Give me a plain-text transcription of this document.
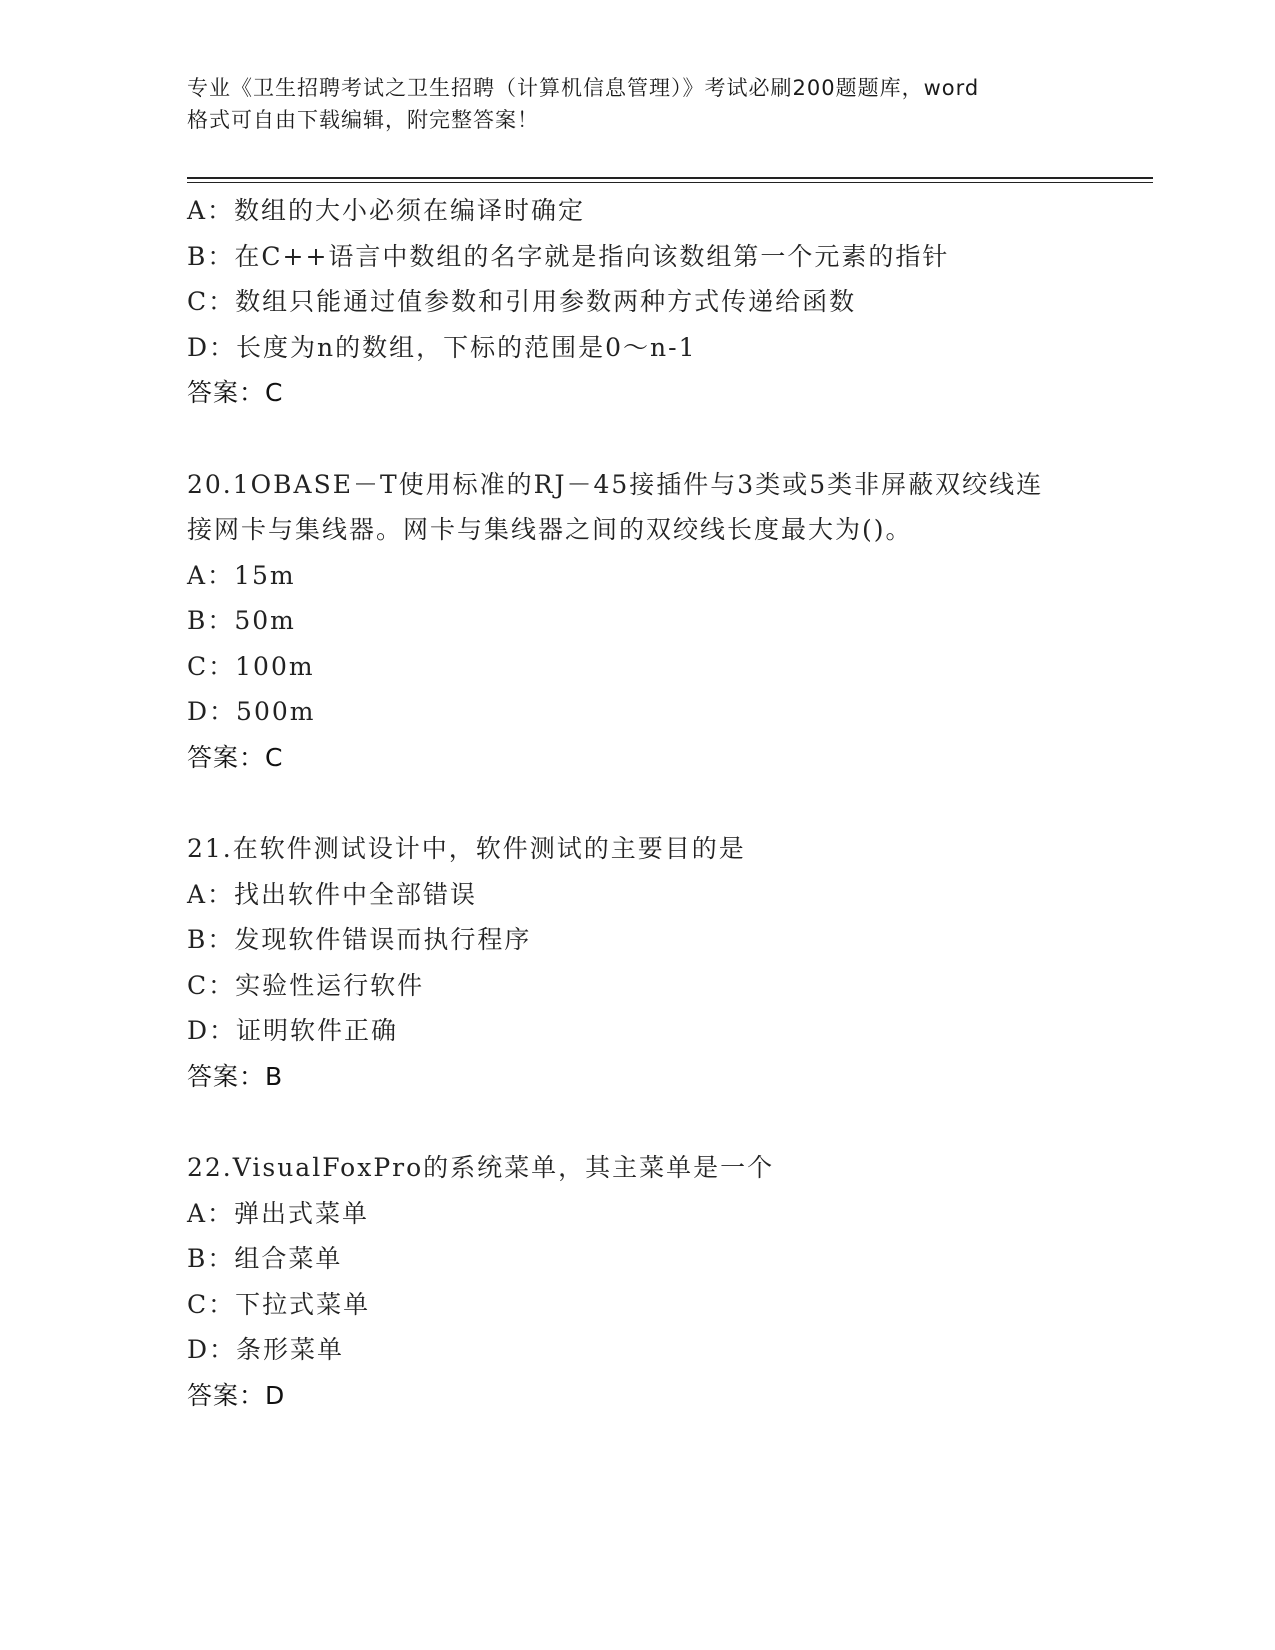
专业《卫生招聘考试之卫生招聘（计算机信息管理）》考试必刷200题题库，word
格式可自由下载编辑，附完整答案！
A：数组的大小必须在编译时确定
B：在C++语言中数组的名字就是指向该数组第一个元素的指针
C：数组只能通过值参数和引用参数两种方式传递给函数
D：长度为n的数组，下标的范围是0～n-1
答案：C
20.1OBASE－T使用标准的RJ－45接插件与3类或5类非屏蔽双绞线连
接网卡与集线器。网卡与集线器之间的双绞线长度最大为()。
A：15m
B：50m
C：100m
D：500m
答案：C
21.在软件测试设计中，软件测试的主要目的是
A：找出软件中全部错误
B：发现软件错误而执行程序
C：实验性运行软件
D：证明软件正确
答案：B
22.VisualFoxPro的系统菜单，其主菜单是一个
A：弹出式菜单
B：组合菜单
C：下拉式菜单
D：条形菜单
答案：D
